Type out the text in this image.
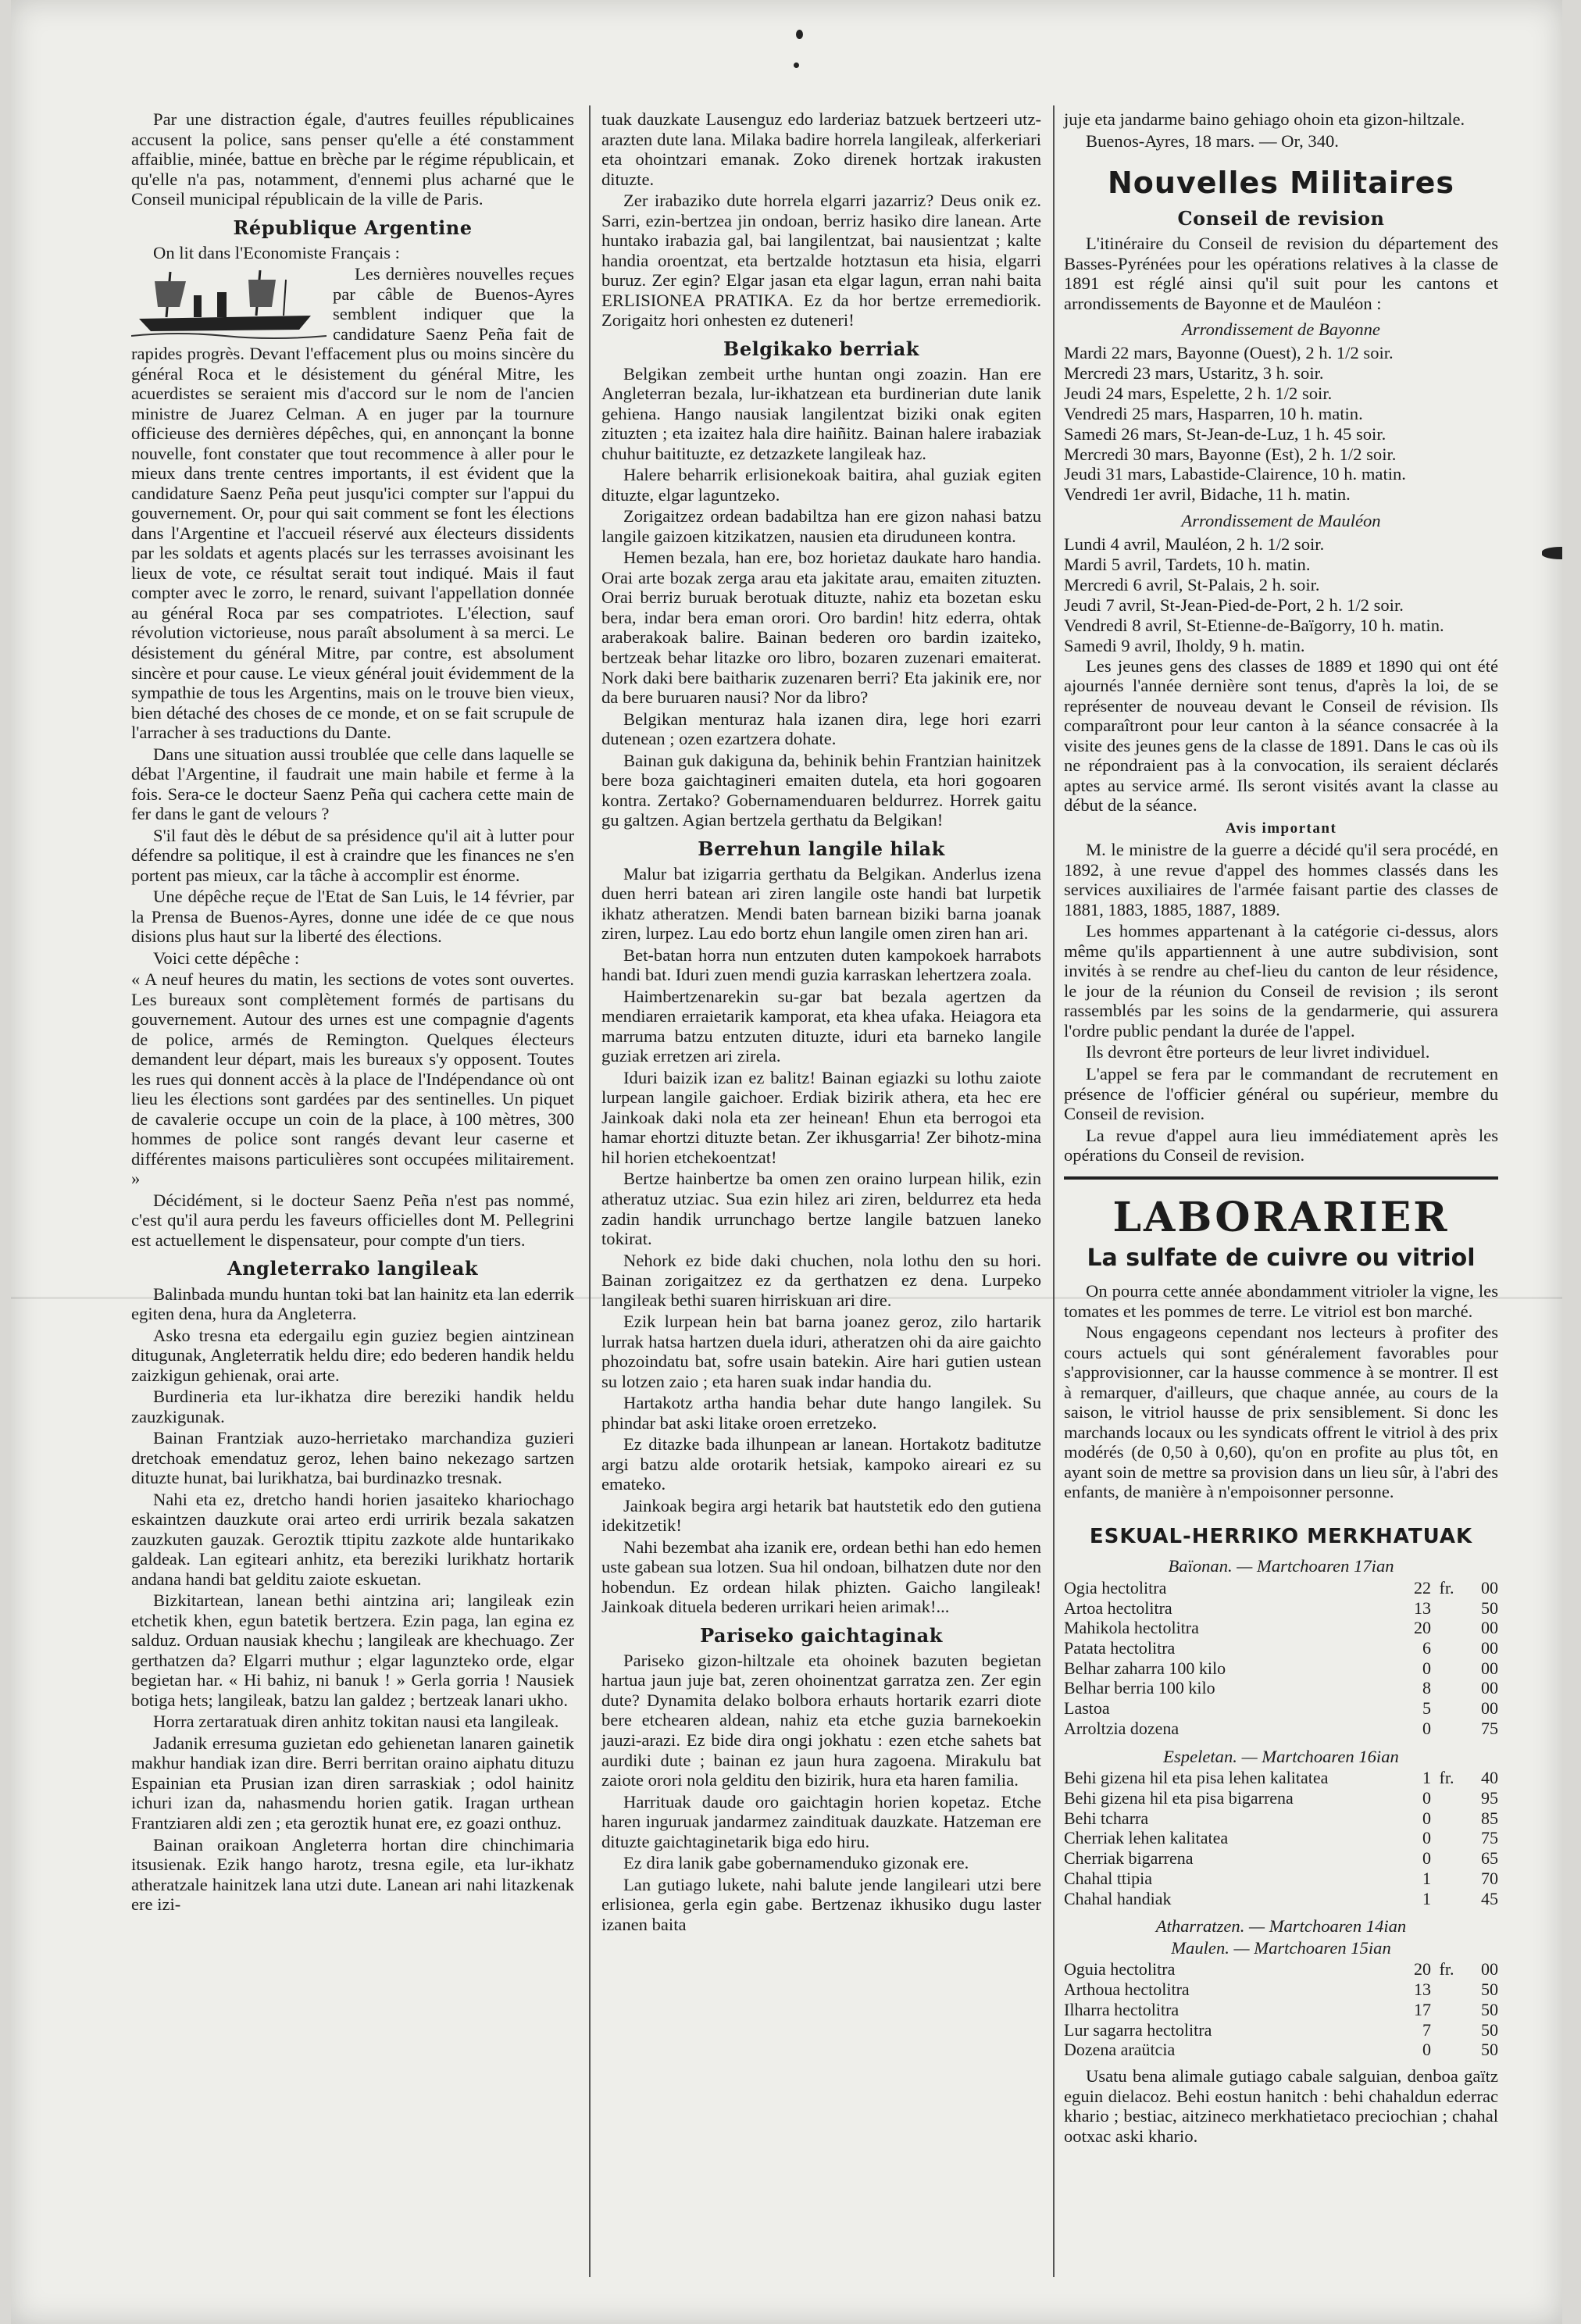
Par une distraction égale, d'autres feuilles républicaines accusent la police, sans penser qu'elle a été constamment affaiblie, minée, battue en brèche par le régime républicain, et qu'elle n'a pas, notamment, d'ennemi plus acharné que le Conseil municipal républicain de la ville de Paris.

République Argentine

On lit dans l'Economiste Français :

Les dernières nouvelles reçues par câble de Buenos-Ayres semblent indiquer que la candidature Saenz Peña fait de rapides progrès. Devant l'effacement plus ou moins sincère du général Roca et le désistement du général Mitre, les acuerdistes se seraient mis d'accord sur le nom de l'ancien ministre de Juarez Celman. A en juger par la tournure officieuse des dernières dépêches, qui, en annonçant la bonne nouvelle, font constater que tout recommence à aller pour le mieux dans trente centres importants, il est évident que la candidature Saenz Peña peut jusqu'ici compter sur l'appui du gouvernement. Or, pour qui sait comment se font les élections dans l'Argentine et l'accueil réservé aux électeurs dissidents par les soldats et agents placés sur les terrasses avoisinant les lieux de vote, ce résultat serait tout indiqué. Mais il faut compter avec le zorro, le renard, suivant l'appellation donnée au général Roca par ses compatriotes. L'élection, sauf révolution victorieuse, nous paraît absolument à sa merci. Le désistement du général Mitre, par contre, est absolument sincère et pour cause. Le vieux général jouit évidemment de la sympathie de tous les Argentins, mais on le trouve bien vieux, bien détaché des choses de ce monde, et on se fait scrupule de l'arracher à ses traductions du Dante.

Dans une situation aussi troublée que celle dans laquelle se débat l'Argentine, il faudrait une main habile et ferme à la fois. Sera-ce le docteur Saenz Peña qui cachera cette main de fer dans le gant de velours ?

S'il faut dès le début de sa présidence qu'il ait à lutter pour défendre sa politique, il est à craindre que les finances ne s'en portent pas mieux, car la tâche à accomplir est énorme.

Une dépêche reçue de l'Etat de San Luis, le 14 février, par la Prensa de Buenos-Ayres, donne une idée de ce que nous disions plus haut sur la liberté des élections.

Voici cette dépêche :

« A neuf heures du matin, les sections de votes sont ouvertes. Les bureaux sont complètement formés de partisans du gouvernement. Autour des urnes est une compagnie d'agents de police, armés de Remington. Quelques électeurs demandent leur départ, mais les bureaux s'y opposent. Toutes les rues qui donnent accès à la place de l'Indépendance où ont lieu les élections sont gardées par des sentinelles. Un piquet de cavalerie occupe un coin de la place, à 100 mètres, 300 hommes de police sont rangés devant leur caserne et différentes maisons particulières sont occupées militairement. »

Décidément, si le docteur Saenz Peña n'est pas nommé, c'est qu'il aura perdu les faveurs officielles dont M. Pellegrini est actuellement le dispensateur, pour compte d'un tiers.

Angleterrako langileak

Balinbada mundu huntan toki bat lan hainitz eta lan ederrik egiten dena, hura da Angleterra.

Asko tresna eta edergailu egin guziez begien aintzinean ditugunak, Angleterratik heldu dire; edo bederen handik heldu zaizkigun gehienak, orai arte.

Burdineria eta lur-ikhatza dire bereziki handik heldu zauzkigunak.

Bainan Frantziak auzo-herrietako marchandiza guzieri dretchoak emendatuz geroz, lehen baino nekezago sartzen dituzte hunat, bai lurikhatza, bai burdinazko tresnak.

Nahi eta ez, dretcho handi horien jasaiteko khariochago eskaintzen dauzkute orai arteo erdi urririk bezala sakatzen zauzkuten gauzak. Geroztik ttipitu zazkote alde huntarikako galdeak. Lan egiteari anhitz, eta bereziki lurikhatz hortarik andana handi bat gelditu zaiote eskuetan.

Bizkitartean, lanean bethi aintzina ari; langileak ezin etchetik khen, egun batetik bertzera. Ezin paga, lan egina ez salduz. Orduan nausiak khechu ; langileak are khechuago. Zer gerthatzen da? Elgarri muthur ; elgar lagunzteko orde, elgar begietan har. « Hi bahiz, ni banuk ! » Gerla gorria ! Nausiek botiga hets; langileak, batzu lan galdez ; bertzeak lanari ukho.

Horra zertaratuak diren anhitz tokitan nausi eta langileak.

Jadanik erresuma guzietan edo gehienetan lanaren gainetik makhur handiak izan dire. Berri berritan oraino aiphatu dituzu Espainian eta Prusian izan diren sarraskiak ; odol hainitz ichuri izan da, nahasmendu horien gatik. Iragan urthean Frantziaren aldi zen ; eta geroztik hunat ere, ez goazi onthuz.

Bainan oraikoan Angleterra hortan dire chinchimaria itsusienak. Ezik hango harotz, tresna egile, eta lur-ikhatz atheratzale hainitzek lana utzi dute. Lanean ari nahi litazkenak ere izi-

tuak dauzkate Lausenguz edo larderiaz batzuek bertzeeri utz-arazten dute lana. Milaka badire horrela langileak, alferkeriari eta ohointzari emanak. Zoko direnek hortzak irakusten dituzte.

Zer irabaziko dute horrela elgarri jazarriz? Deus onik ez. Sarri, ezin-bertzea jin ondoan, berriz hasiko dire lanean. Arte huntako irabazia gal, bai langilentzat, bai nausientzat ; kalte handia oroentzat, eta bertzalde hotztasun eta hisia, elgarri buruz. Zer egin? Elgar jasan eta elgar lagun, erran nahi baita ERLISIONEA PRATIKA. Ez da hor bertze erremediorik. Zorigaitz hori onhesten ez duteneri!

Belgikako berriak

Belgikan zembeit urthe huntan ongi zoazin. Han ere Angleterran bezala, lur-ikhatzean eta burdinerian dute lanik gehiena. Hango nausiak langilentzat biziki onak egiten zituzten ; eta izaitez hala dire haiñitz. Bainan halere irabaziak chuhur baitituzte, ez detzazkete langileak haz.

Halere beharrik erlisionekoak baitira, ahal guziak egiten dituzte, elgar laguntzeko.

Zorigaitzez ordean badabiltza han ere gizon nahasi batzu langile gaizoen kitzikatzen, nausien eta diruduneen kontra.

Hemen bezala, han ere, boz horietaz daukate haro handia. Orai arte bozak zerga arau eta jakitate arau, emaiten zituzten. Orai berriz buruak berotuak dituzte, nahiz eta bozetan esku bera, indar bera eman orori. Oro bardin! hitz ederra, ohtak araberakoak balire. Bainan bederen oro bardin izaiteko, bertzeak behar litazke oro libro, bozaren zuzenari emaiterat. Nork daki bere baithariк zuzenaren berri? Eta jakinik ere, nor da bere buruaren nausi? Nor da libro?

Belgikan menturaz hala izanen dira, lege hori ezarri dutenean ; ozen ezartzera dohate.

Bainan guk dakiguna da, behinik behin Frantzian hainitzek bere boza gaichtagineri emaiten dutela, eta hori gogoaren kontra. Zertako? Gobernamenduaren beldurrez. Horrek gaitu gu galtzen. Agian bertzela gerthatu da Belgikan!

Berrehun langile hilak

Malur bat izigarria gerthatu da Belgikan. Anderlus izena duen herri batean ari ziren langile oste handi bat lurpetik ikhatz atheratzen. Mendi baten barnean biziki barna joanak ziren, lurpez. Lau edo bortz ehun langile omen ziren han ari.

Bet-batan horra nun entzuten duten kampokoek harrabots handi bat. Iduri zuen mendi guzia karraskan lehertzera zoala.

Haimbertzenarekin su-gar bat bezala agertzen da mendiaren erraietarik kamporat, eta khea ufaka. Heiagora eta marruma batzu entzuten dituzte, iduri eta barneko langile guziak erretzen ari zirela.

Iduri baizik izan ez balitz! Bainan egiazki su lothu zaiote lurpean langile gaichoer. Erdiak bizirik athera, eta hec ere Jainkoak daki nola eta zer heinean! Ehun eta berrogoi eta hamar ehortzi dituzte betan. Zer ikhusgarria! Zer bihotz-mina hil horien etchekoentzat!

Bertze hainbertze ba omen zen oraino lurpean hilik, ezin atheratuz utziac. Sua ezin hilez ari ziren, beldurrez eta heda zadin handik urrunchago bertze langile batzuen laneko tokirat.

Nehork ez bide daki chuchen, nola lothu den su hori. Bainan zorigaitzez ez da gerthatzen ez dena. Lurpeko langileak bethi suaren hirriskuan ari dire.

Ezik lurpean hein bat barna joanez geroz, zilo hartarik lurrak hatsa hartzen duela iduri, atheratzen ohi da aire gaichto phozoindatu bat, sofre usain batekin. Aire hari gutien ustean su lotzen zaio ; eta haren suak indar handia du.

Hartakotz artha handia behar dute hango langilek. Su phindar bat aski litake oroen erretzeko.

Ez ditazke bada ilhunpean ar lanean. Hortakotz baditutze argi batzu alde orotarik hetsiak, kampoko aireari ez su emateko.

Jainkoak begira argi hetarik bat hautstetik edo den gutiena idekitzetik!

Nahi bezembat aha izanik ere, ordean bethi han edo hemen uste gabean sua lotzen. Sua hil ondoan, bilhatzen dute nor den hobendun. Ez ordean hilak phizten. Gaicho langileak! Jainkoak dituela bederen urrikari heien arimak!...

Pariseko gaichtaginak

Pariseko gizon-hiltzale eta ohoinek bazuten begietan hartua jaun juje bat, zeren ohoinentzat garratza zen. Zer egin dute? Dynamita delako bolbora erhauts hortarik ezarri diote bere etchearen aldean, nahiz eta etche guzia barnekoekin jauzi-arazi. Ez bide dira ongi jokhatu : ezen etche sahets bat aurdiki dute ; bainan ez jaun hura zagoena. Mirakulu bat zaiote orori nola gelditu den bizirik, hura eta haren familia.

Harrituak daude oro gaichtagin horien kopetaz. Etche haren inguruak jandarmez zaindituak dauzkate. Hatzeman ere dituzte gaichtaginetarik biga edo hiru.

Ez dira lanik gabe gobernamenduko gizonak ere.

Lan gutiago lukete, nahi balute jende langileari utzi bere erlisionea, gerla egin gabe. Bertzenaz ikhusiko dugu laster izanen baita

juje eta jandarme baino gehiago ohoin eta gizon-hiltzale.

Buenos-Ayres, 18 mars. — Or, 340.

Nouvelles Militaires
Conseil de revision

L'itinéraire du Conseil de revision du département des Basses-Pyrénées pour les opérations relatives à la classe de 1891 est réglé ainsi qu'il suit pour les cantons et arrondissements de Bayonne et de Mauléon :

Arrondissement de Bayonne
Mardi 22 mars, Bayonne (Ouest), 2 h. 1/2 soir.
Mercredi 23 mars, Ustaritz, 3 h. soir.
Jeudi 24 mars, Espelette, 2 h. 1/2 soir.
Vendredi 25 mars, Hasparren, 10 h. matin.
Samedi 26 mars, St-Jean-de-Luz, 1 h. 45 soir.
Mercredi 30 mars, Bayonne (Est), 2 h. 1/2 soir.
Jeudi 31 mars, Labastide-Clairence, 10 h. matin.
Vendredi 1er avril, Bidache, 11 h. matin.
Arrondissement de Mauléon
Lundi 4 avril, Mauléon, 2 h. 1/2 soir.
Mardi 5 avril, Tardets, 10 h. matin.
Mercredi 6 avril, St-Palais, 2 h. soir.
Jeudi 7 avril, St-Jean-Pied-de-Port, 2 h. 1/2 soir.
Vendredi 8 avril, St-Etienne-de-Baïgorry, 10 h. matin.
Samedi 9 avril, Iholdy, 9 h. matin.

Les jeunes gens des classes de 1889 et 1890 qui ont été ajournés l'année dernière sont tenus, d'après la loi, de se représenter de nouveau devant le Conseil de révision. Ils comparaîtront pour leur canton à la séance consacrée à la visite des jeunes gens de la classe de 1891. Dans le cas où ils ne répondraient pas à la convocation, ils seraient déclarés aptes au service armé. Ils seront visités avant la classe au début de la séance.

Avis important

M. le ministre de la guerre a décidé qu'il sera procédé, en 1892, à une revue d'appel des hommes classés dans les services auxiliaires de l'armée faisant partie des classes de 1881, 1883, 1885, 1887, 1889.

Les hommes appartenant à la catégorie ci-dessus, alors même qu'ils appartiennent à une autre subdivision, sont invités à se rendre au chef-lieu du canton de leur résidence, le jour de la réunion du Conseil de revision ; ils seront rassemblés par les soins de la gendarmerie, qui assurera l'ordre public pendant la durée de l'appel.

Ils devront être porteurs de leur livret individuel.

L'appel se fera par le commandant de recrutement en présence de l'officier général ou supérieur, membre du Conseil de revision.

La revue d'appel aura lieu immédiatement après les opérations du Conseil de revision.

LABORARIER
La sulfate de cuivre ou vitriol

On pourra cette année abondamment vitrioler la vigne, les tomates et les pommes de terre. Le vitriol est bon marché.

Nous engageons cependant nos lecteurs à profiter des cours actuels qui sont généralement favorables pour s'approvisionner, car la hausse commence à se montrer. Il est à remarquer, d'ailleurs, que chaque année, au cours de la saison, le vitriol hausse de prix sensiblement. Si donc les marchands locaux ou les syndicats offrent le vitriol à des prix modérés (de 0,50 à 0,60), qu'on en profite au plus tôt, en ayant soin de mettre sa provision dans un lieu sûr, à l'abri des enfants, de manière à n'empoisonner personne.

ESKUAL-HERRIKO MERKHATUAK
Baïonan. — Martchoaren 17ian
Ogia hectolitra	22	fr.	00
Artoa hectolitra	13		50
Mahikola hectolitra	20		00
Patata hectolitra	6		00
Belhar zaharra 100 kilo	0		00
Belhar berria 100 kilo	8		00
Lastoa	5		00
Arroltzia dozena	0		75
Espeletan. — Martchoaren 16ian
Behi gizena hil eta pisa lehen kalitatea	1	fr.	40
Behi gizena hil eta pisa bigarrena	0		95
Behi tcharra	0		85
Cherriak lehen kalitatea	0		75
Cherriak bigarrena	0		65
Chahal ttipia	1		70
Chahal handiak	1		45
Atharratzen. — Martchoaren 14ian
Maulen. — Martchoaren 15ian
Oguia hectolitra	20	fr.	00
Arthoua hectolitra	13		50
Ilharra hectolitra	17		50
Lur sagarra hectolitra	7		50
Dozena araütcia	0		50

Usatu bena alimale gutiago cabale salguian, denboa gaïtz eguin dielacoz. Behi eostun hanitch : behi chahaldun ederrac khario ; bestiac, aitzineco merkhatietaco preciochian ; chahal ootxac aski khario.
